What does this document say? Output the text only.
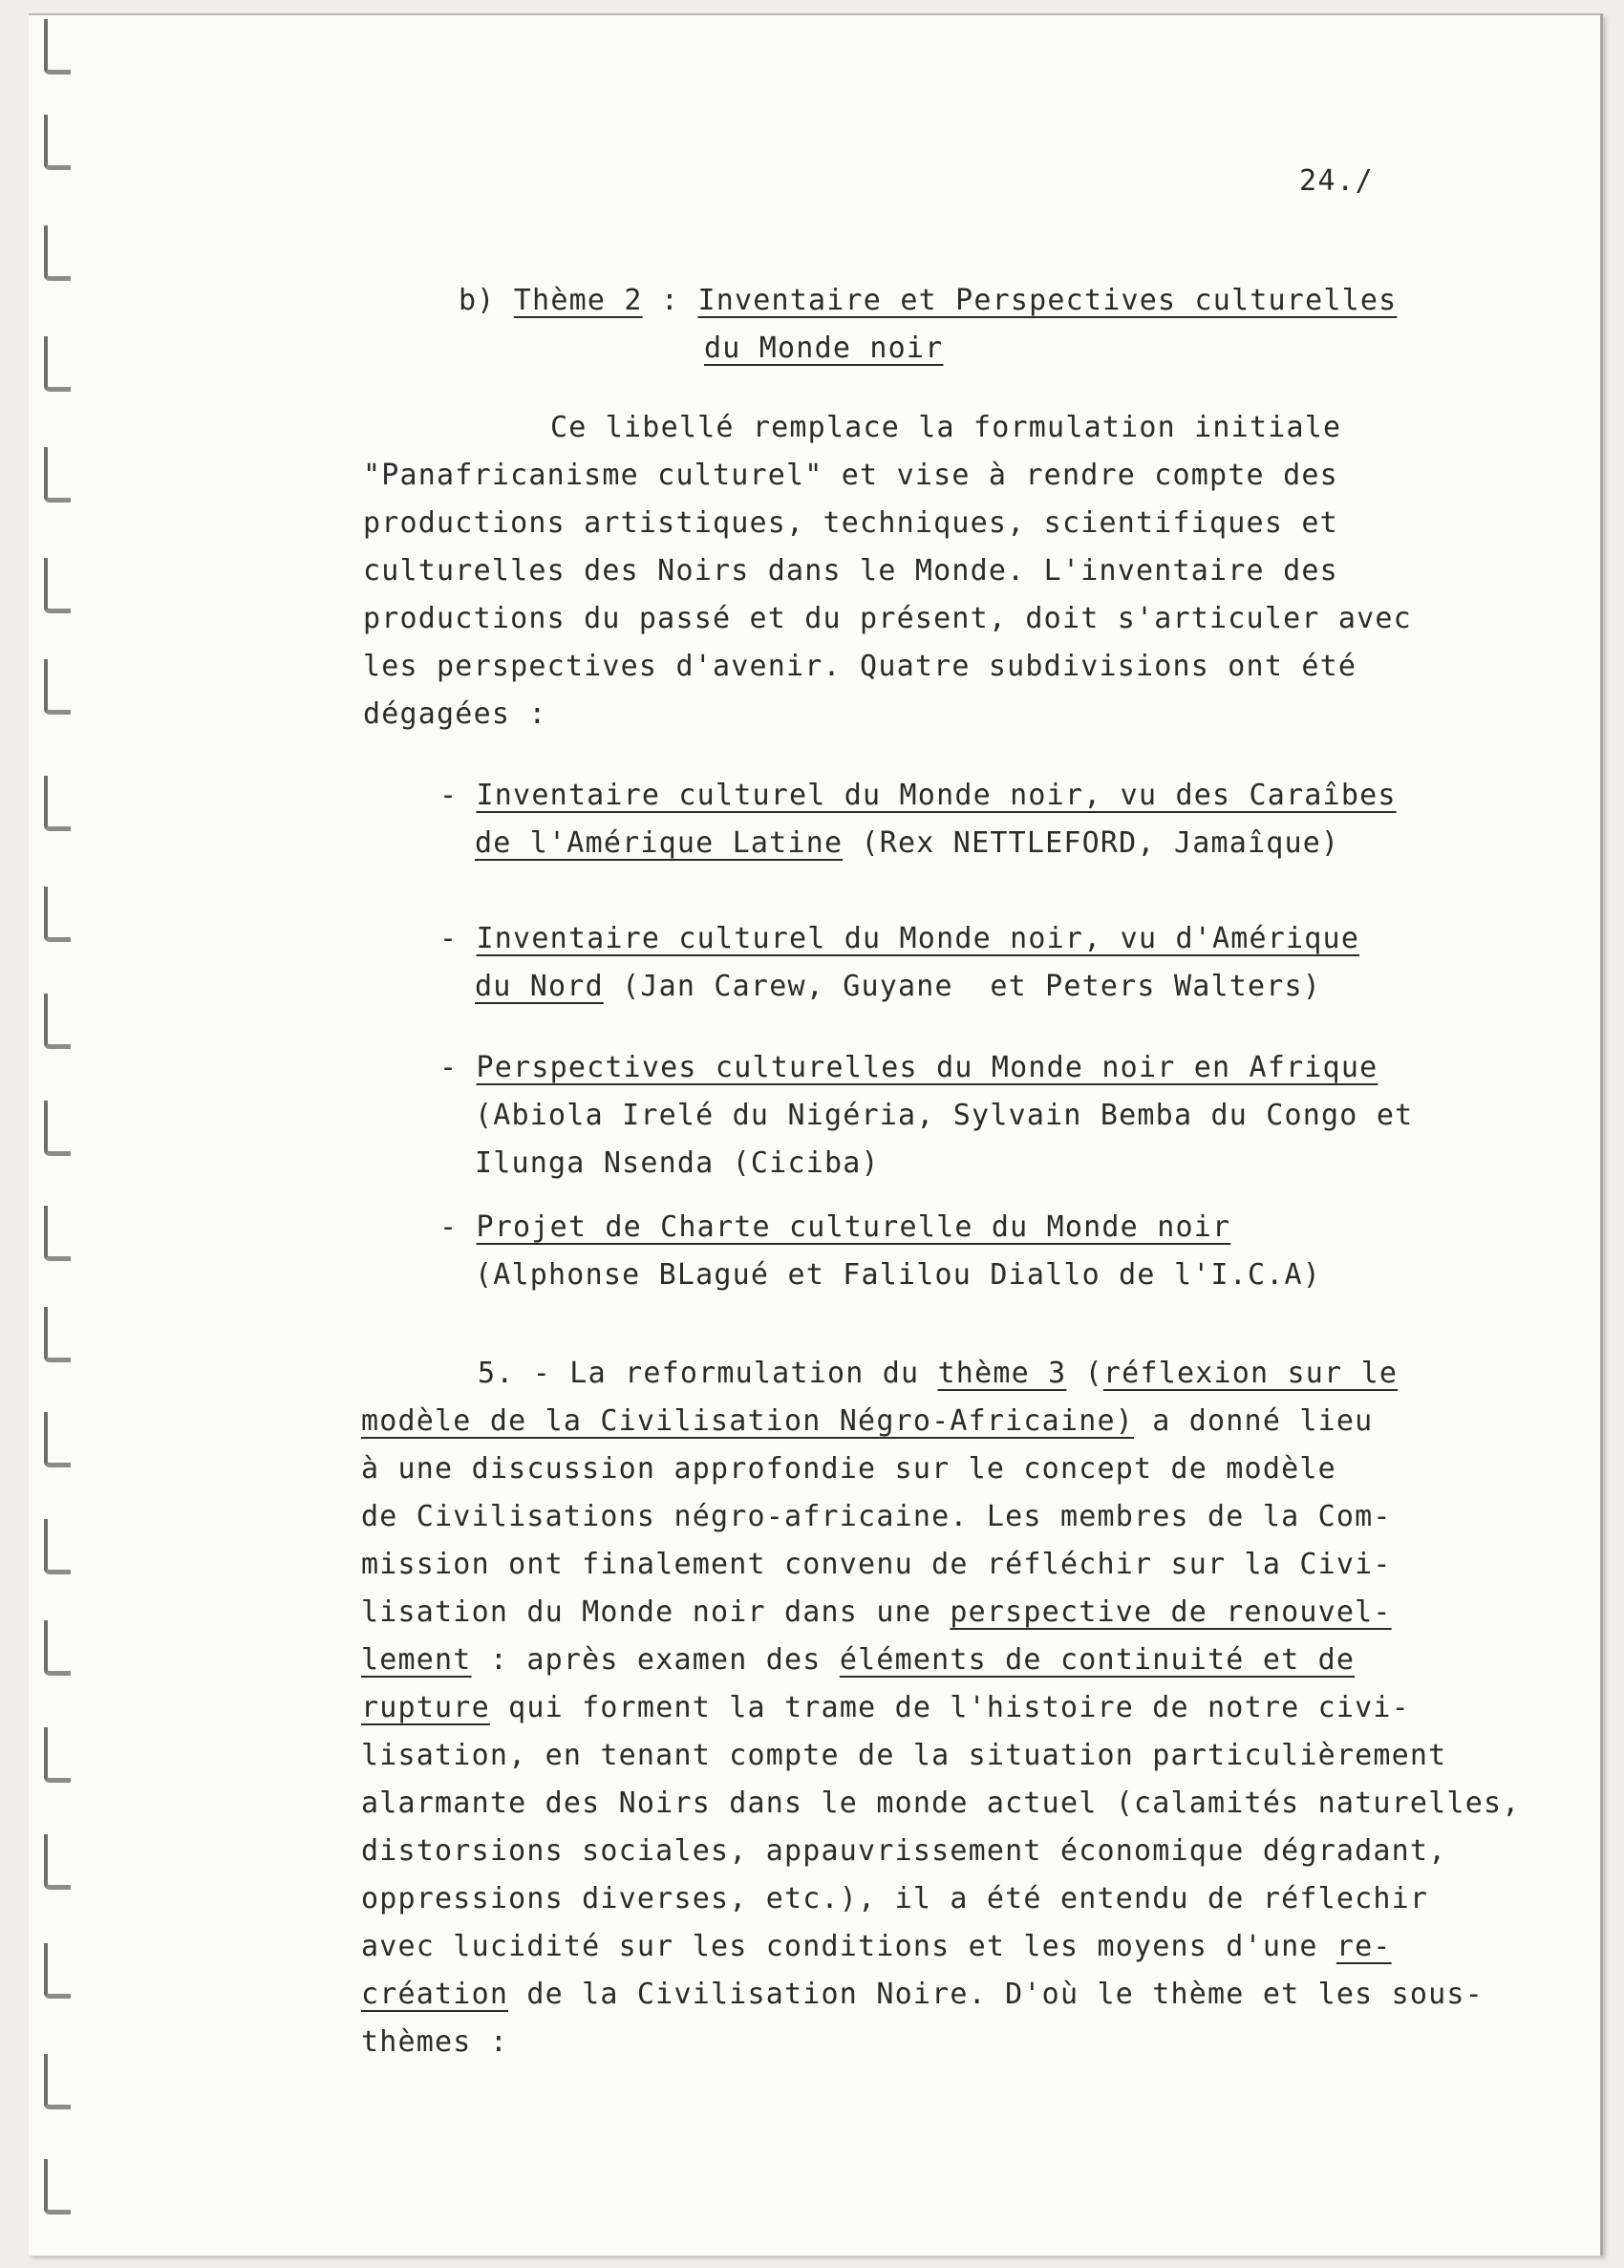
24./

b) Thème 2 : Inventaire et Perspectives culturelles

du Monde noir

Ce libellé remplace la formulation initiale

"Panafricanisme culturel" et vise à rendre compte des

productions artistiques, techniques, scientifiques et

culturelles des Noirs dans le Monde. L'inventaire des

productions du passé et du présent, doit s'articuler avec

les perspectives d'avenir. Quatre subdivisions ont été

dégagées :

- Inventaire culturel du Monde noir, vu des Caraîbes

de l'Amérique Latine (Rex NETTLEFORD, Jamaîque)

- Inventaire culturel du Monde noir, vu d'Amérique

du Nord (Jan Carew, Guyane  et Peters Walters)

- Perspectives culturelles du Monde noir en Afrique

(Abiola Irelé du Nigéria, Sylvain Bemba du Congo et

Ilunga Nsenda (Ciciba)

- Projet de Charte culturelle du Monde noir

(Alphonse BLagué et Falilou Diallo de l'I.C.A)

5. - La reformulation du thème 3 (réflexion sur le

modèle de la Civilisation Négro-Africaine) a donné lieu

à une discussion approfondie sur le concept de modèle

de Civilisations négro-africaine. Les membres de la Com-

mission ont finalement convenu de réfléchir sur la Civi-

lisation du Monde noir dans une perspective de renouvel-

lement : après examen des éléments de continuité et de

rupture qui forment la trame de l'histoire de notre civi-

lisation, en tenant compte de la situation particulièrement

alarmante des Noirs dans le monde actuel (calamités naturelles,

distorsions sociales, appauvrissement économique dégradant,

oppressions diverses, etc.), il a été entendu de réflechir

avec lucidité sur les conditions et les moyens d'une re-

création de la Civilisation Noire. D'où le thème et les sous-

thèmes :
